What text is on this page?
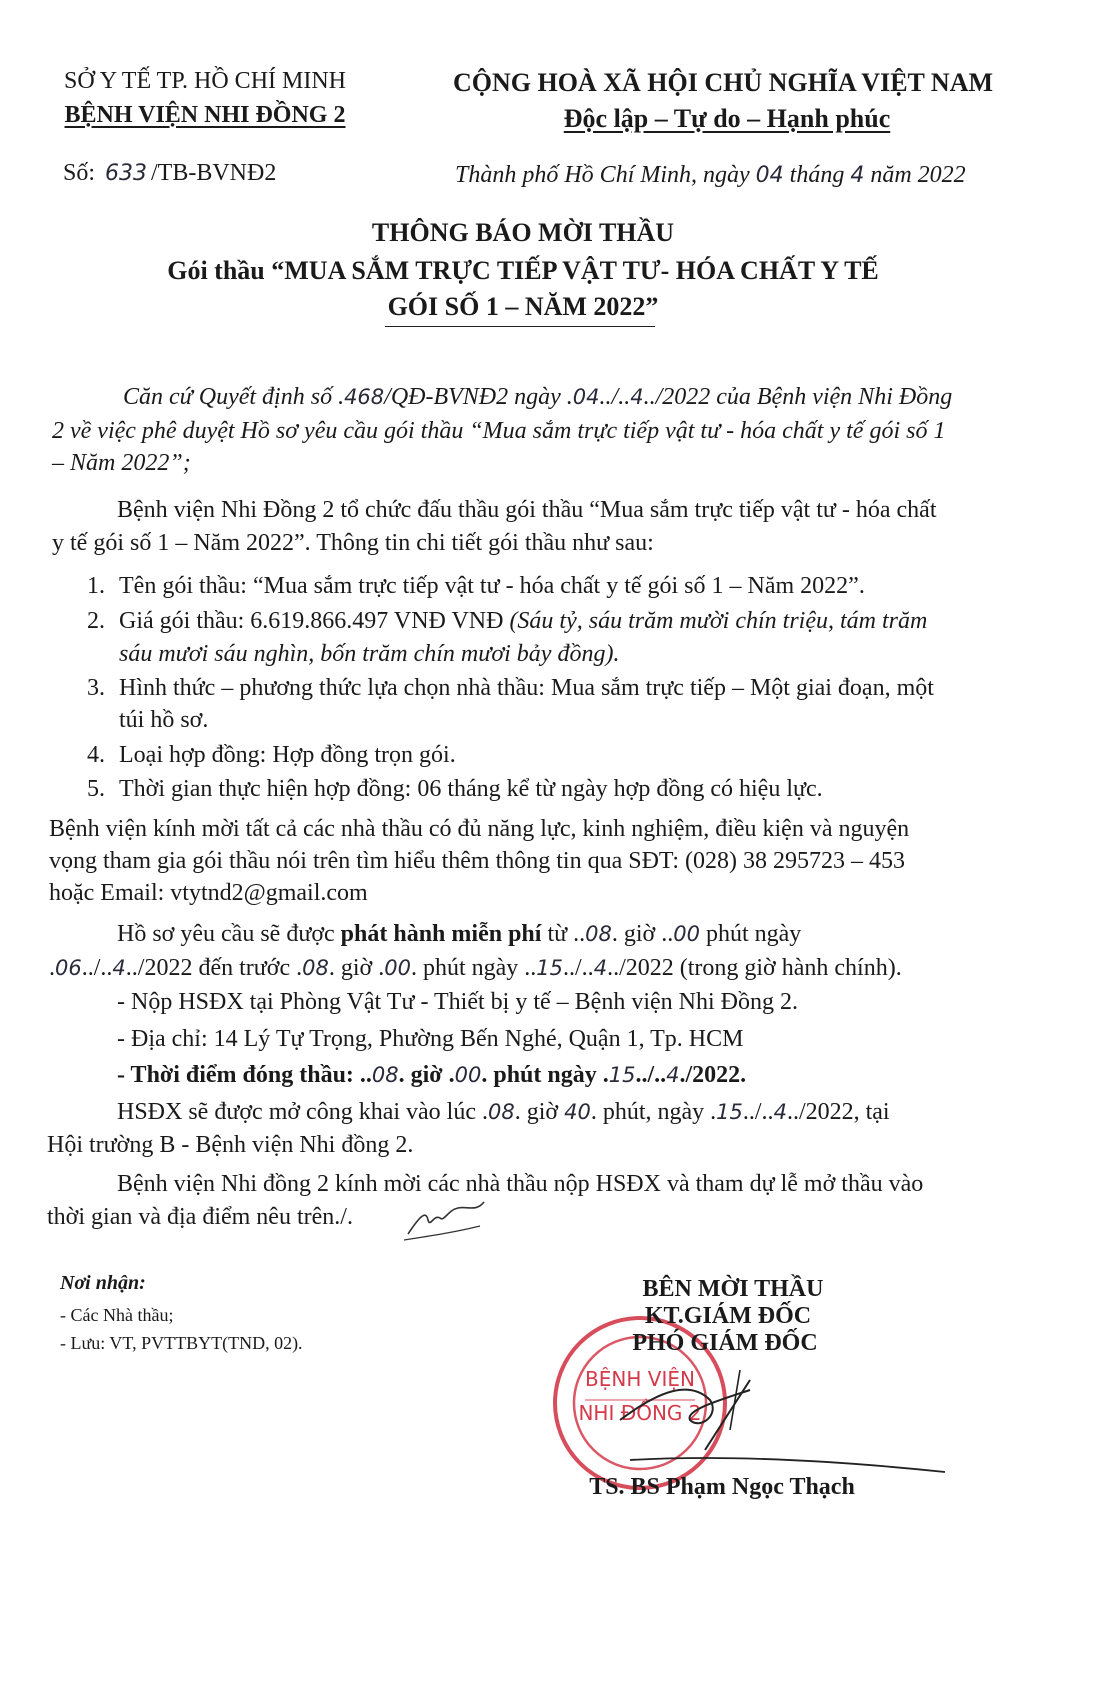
SỞ Y TẾ TP. HỒ CHÍ MINH
BỆNH VIỆN NHI ĐỒNG 2
CỘNG HOÀ XÃ HỘI CHỦ NGHĨA VIỆT NAM
Độc lập – Tự do – Hạnh phúc
Số: 633 /TB-BVNĐ2	Thành phố Hồ Chí Minh, ngày 04 tháng 4 năm 2022
THÔNG BÁO MỜI THẦU
Gói thầu “MUA SẮM TRỰC TIẾP VẬT TƯ- HÓA CHẤT Y TẾ
GÓI SỐ 1 – NĂM 2022”
Căn cứ Quyết định số .468/QĐ-BVNĐ2 ngày .04../..4../2022 của Bệnh viện Nhi Đồng
2 về việc phê duyệt Hồ sơ yêu cầu gói thầu “Mua sắm trực tiếp vật tư - hóa chất y tế gói số 1
– Năm 2022”;
Bệnh viện Nhi Đồng 2 tổ chức đấu thầu gói thầu “Mua sắm trực tiếp vật tư - hóa chất
y tế gói số 1 – Năm 2022”. Thông tin chi tiết gói thầu như sau:
1. Tên gói thầu: “Mua sắm trực tiếp vật tư - hóa chất y tế gói số 1 – Năm 2022”.
2. Giá gói thầu: 6.619.866.497 VNĐ VNĐ (Sáu tỷ, sáu trăm mười chín triệu, tám trăm
sáu mươi sáu nghìn, bốn trăm chín mươi bảy đồng).
3. Hình thức – phương thức lựa chọn nhà thầu: Mua sắm trực tiếp – Một giai đoạn, một
túi hồ sơ.
4. Loại hợp đồng: Hợp đồng trọn gói.
5. Thời gian thực hiện hợp đồng: 06 tháng kể từ ngày hợp đồng có hiệu lực.
Bệnh viện kính mời tất cả các nhà thầu có đủ năng lực, kinh nghiệm, điều kiện và nguyện
vọng tham gia gói thầu nói trên tìm hiểu thêm thông tin qua SĐT: (028) 38 295723 – 453
hoặc Email: vtytnd2@gmail.com
Hồ sơ yêu cầu sẽ được phát hành miễn phí từ ..08. giờ ..00 phút ngày
.06../..4../2022 đến trước .08. giờ .00. phút ngày ..15../..4../2022 (trong giờ hành chính).
- Nộp HSĐX tại Phòng Vật Tư - Thiết bị y tế – Bệnh viện Nhi Đồng 2.
- Địa chỉ: 14 Lý Tự Trọng, Phường Bến Nghé, Quận 1, Tp. HCM
- Thời điểm đóng thầu: ..08. giờ .00. phút ngày .15../..4./2022.
HSĐX sẽ được mở công khai vào lúc .08. giờ 40. phút, ngày .15../..4../2022, tại
Hội trường B - Bệnh viện Nhi đồng 2.
Bệnh viện Nhi đồng 2 kính mời các nhà thầu nộp HSĐX và tham dự lễ mở thầu vào
thời gian và địa điểm nêu trên./.
Nơi nhận:
- Các Nhà thầu;
- Lưu: VT, PVTTBYT(TND, 02).
BỆNH VIỆN
NHI ĐỒNG 2
BÊN MỜI THẦU
KT.GIÁM ĐỐC
PHÓ GIÁM ĐỐC
TS. BS Phạm Ngọc Thạch
